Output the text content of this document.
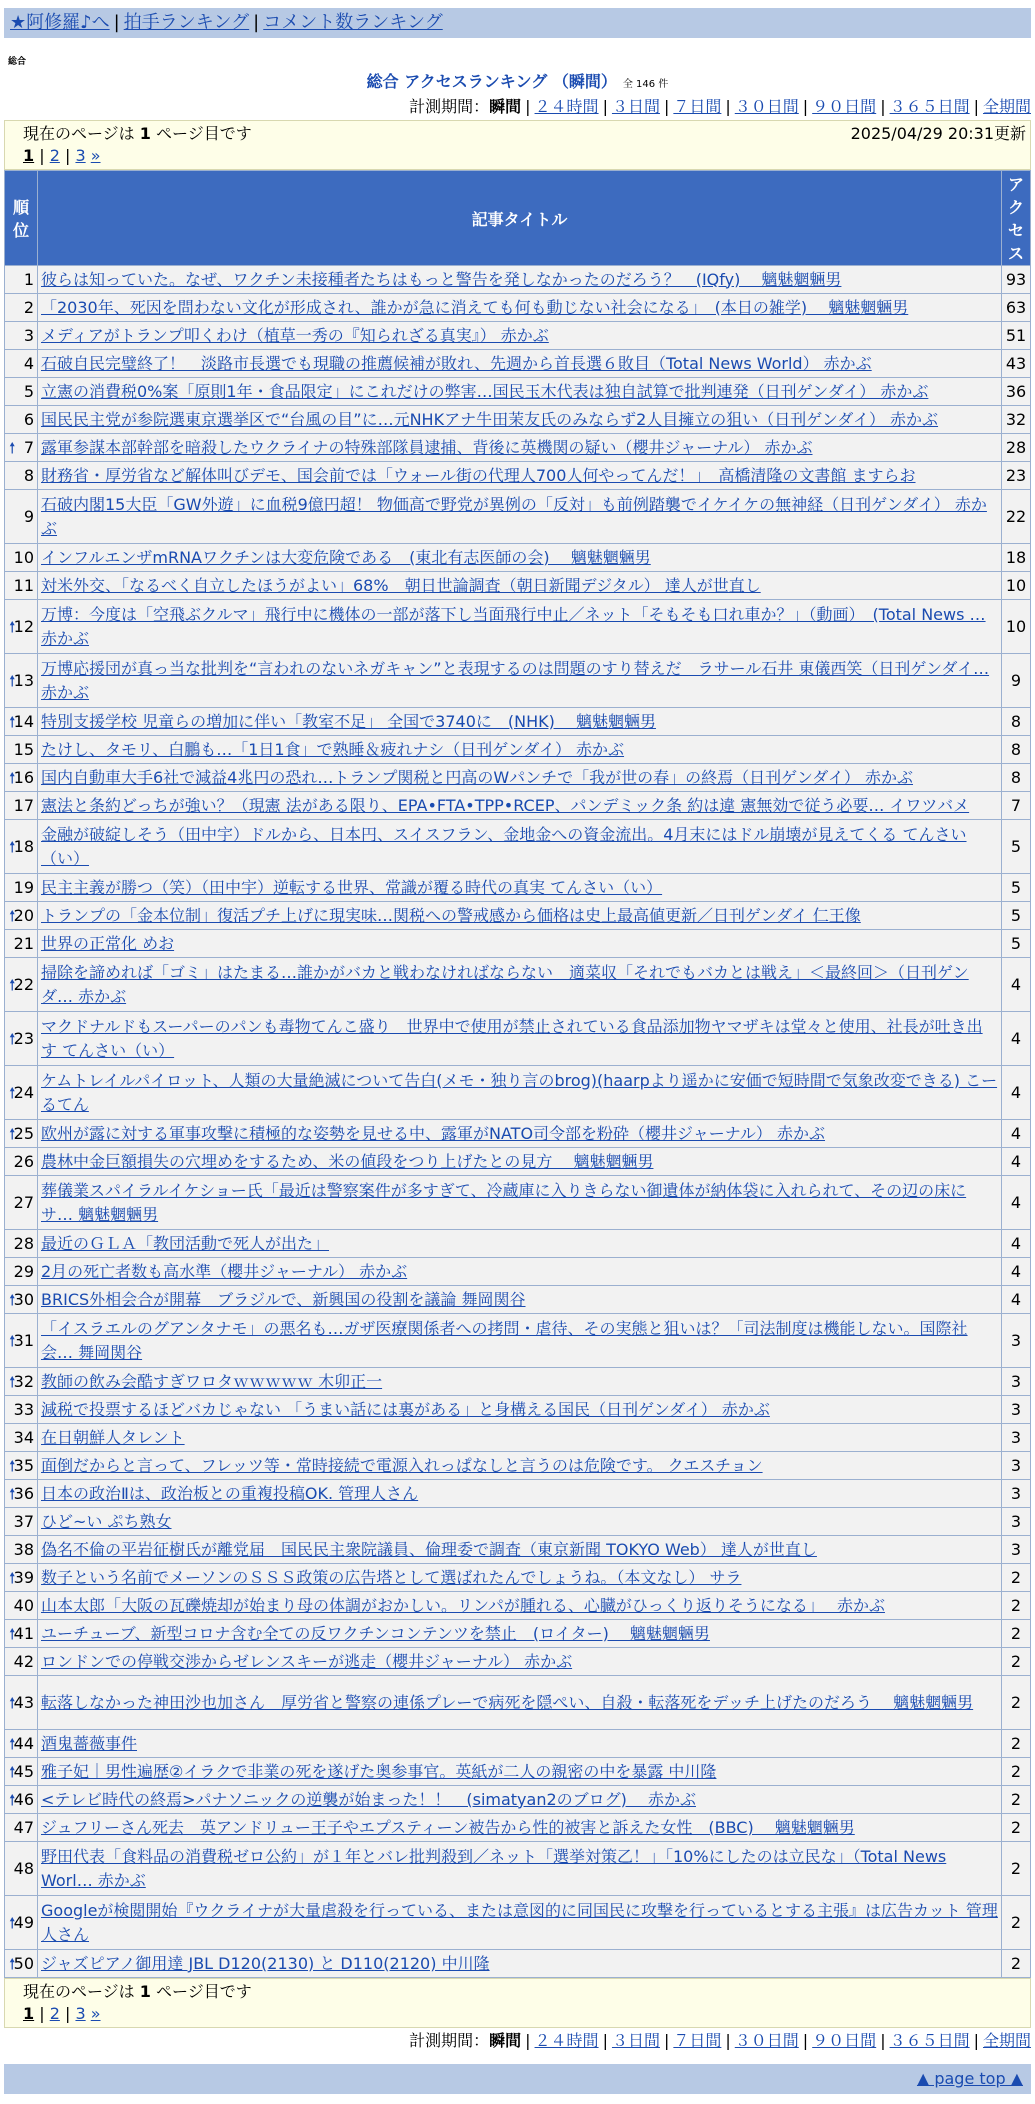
★阿修羅♪へ | 拍手ランキング | コメント数ランキング
総合
総合 アクセスランキング （瞬間） 全 146 件
計測期間：瞬間 | ２４時間 | ３日間 | ７日間 | ３０日間 | ９０日間 | ３６５日間 | 全期間
現在のページは 1 ページ目です	2025/04/29 20:31更新
1 | 2 | 3 »
順位	記事タイトル	アクセス
1	彼らは知っていた。なぜ、ワクチン未接種者たちはもっと警告を発しなかったのだろう？　(IQfy)　 魑魅魍魎男	93
2	「2030年、死因を問わない文化が形成され、誰かが急に消えても何も動じない社会になる」　(本日の雑学)　 魑魅魍魎男	63
3	メディアがトランプ叩くわけ（植草一秀の『知られざる真実』） 赤かぶ	51
4	石破自民完璧終了！　淡路市長選でも現職の推薦候補が敗れ、先週から首長選６敗目（Total News World） 赤かぶ	43
5	立憲の消費税0%案「原則1年・食品限定」にこれだけの弊害…国民玉木代表は独自試算で批判連発（日刊ゲンダイ） 赤かぶ	36
6	国民民主党が参院選東京選挙区で“台風の目”に…元NHKアナ牛田茉友氏のみならず2人目擁立の狙い（日刊ゲンダイ） 赤かぶ	32

🠕 7	露軍参謀本部幹部を暗殺したウクライナの特殊部隊員逮捕、背後に英機関の疑い（櫻井ジャーナル） 赤かぶ	28
8	財務省・厚労省など解体叫びデモ、国会前では「ウォール街の代理人700人何やってんだ！」　高橋清隆の文書館 ますらお	23
9	石破内閣15大臣「GW外遊」に血税9億円超！ 物価高で野党が異例の「反対」も前例踏襲でイケイケの無神経（日刊ゲンダイ） 赤かぶ	22
10	インフルエンザmRNAワクチンは大変危険である　(東北有志医師の会)　 魑魅魍魎男	18
11	対米外交、「なるべく自立したほうがよい」68%　朝日世論調査（朝日新聞デジタル） 達人が世直し	10

🠕
12	万博：今度は「空飛ぶクルマ」飛行中に機体の一部が落下し当面飛行中止／ネット「そもそも口れ車か？」（動画）　(Total News … 赤かぶ	10

🠕
13	万博応援団が真っ当な批判を“言われのないネガキャン”と表現するのは問題のすり替えだ　ラサール石井 東儀西笑（日刊ゲンダイ… 赤かぶ	9

🠕
14	特別支援学校 児童らの増加に伴い「教室不足」 全国で3740に　(NHK)　 魑魅魍魎男	8
15	たけし、タモリ、白鵬も…「1日1食」で熟睡＆疲れナシ（日刊ゲンダイ） 赤かぶ	8

🠕
16	国内自動車大手6社で減益4兆円の恐れ…トランプ関税と円高のWパンチで「我が世の春」の終焉（日刊ゲンダイ） 赤かぶ	8
17	憲法と条約どっちが強い？（現憲 法がある限り、EPA•FTA•TPP•RCEP、パンデミック条 約は違 憲無効で従う必要… イワツバメ	7

🠕
18	金融が破綻しそう（田中宇）ドルから、日本円、スイスフラン、金地金への資金流出。4月末にはドル崩壊が見えてくる てんさい（い）	5
19	民主主義が勝つ（笑）（田中宇）逆転する世界、常識が覆る時代の真実 てんさい（い）	5

🠕
20	トランプの「金本位制」復活プチ上げに現実味…関税への警戒感から価格は史上最高値更新／日刊ゲンダイ 仁王像	5
21	世界の正常化 めお	5

🠕
22	掃除を諦めれば「ゴミ」はたまる…誰かがバカと戦わなければならない　適菜収「それでもバカとは戦え」＜最終回＞（日刊ゲンダ… 赤かぶ	4

🠕
23	マクドナルドもスーパーのパンも毒物てんこ盛り　世界中で使用が禁止されている食品添加物ヤマザキは堂々と使用、社長が吐き出す てんさい（い）	4

🠕
24	ケムトレイルパイロット、人類の大量絶滅について告白(メモ・独り言のbrog)(haarpより遥かに安価で短時間で気象改変できる) こーるてん	4

🠕
25	欧州が露に対する軍事攻撃に積極的な姿勢を見せる中、露軍がNATO司令部を粉砕（櫻井ジャーナル） 赤かぶ	4
26	農林中金巨額損失の穴埋めをするため、米の値段をつり上げたとの見方　 魑魅魍魎男	4
27	葬儀業スパイラルイケショー氏「最近は警察案件が多すぎて、冷蔵庫に入りきらない御遺体が納体袋に入れられて、その辺の床にサ… 魑魅魍魎男	4
28	最近のＧＬＡ「教団活動で死人が出た」	4
29	2月の死亡者数も高水準（櫻井ジャーナル） 赤かぶ	4

🠕
30	BRICS外相会合が開幕　ブラジルで、新興国の役割を議論 舞岡関谷	4

🠕
31	「イスラエルのグアンタナモ」の悪名も…ガザ医療関係者への拷問・虐待、その実態と狙いは？「司法制度は機能しない。国際社会… 舞岡関谷	3

🠕
32	教師の飲み会酷すぎワロタｗｗｗｗｗ 木卯正一	3
33	減税で投票するほどバカじゃない 「うまい話には裏がある」と身構える国民（日刊ゲンダイ） 赤かぶ	3
34	在日朝鮮人タレント	3

🠕
35	面倒だからと言って、フレッツ等・常時接続で電源入れっぱなしと言うのは危険です。 クエスチョン	3

🠕
36	日本の政治Ⅱは、政治板との重複投稿OK. 管理人さん	3
37	ひど~い ぷち熟女	3
38	偽名不倫の平岩征樹氏が離党届　国民民主衆院議員、倫理委で調査（東京新聞 TOKYO Web） 達人が世直し	3

🠕
39	数子という名前でメーソンのＳＳＳ政策の広告塔として選ばれたんでしょうね。（本文なし） サラ	2
40	山本太郎「大阪の瓦礫焼却が始まり母の体調がおかしい。リンパが腫れる、心臓がひっくり返りそうになる」　 赤かぶ	2

🠕
41	ユーチューブ、新型コロナ含む全ての反ワクチンコンテンツを禁止　(ロイター)　 魑魅魍魎男	2
42	ロンドンでの停戦交渉からゼレンスキーが逃走（櫻井ジャーナル） 赤かぶ	2

🠕
43	転落しなかった神田沙也加さん　厚労省と警察の連係プレーで病死を隠ぺい、自殺・転落死をデッチ上げたのだろう　 魑魅魍魎男	2

🠕
44	酒鬼薔薇事件	2

🠕
45	雅子妃｜男性遍歴②イラクで非業の死を遂げた奥参事官。英紙が二人の親密の中を暴露 中川隆	2

🠕
46	<テレビ時代の終焉>パナソニックの逆襲が始まった！！　(simatyan2のブログ)　 赤かぶ	2
47	ジュフリーさん死去　英アンドリュー王子やエプスティーン被告から性的被害と訴えた女性　(BBC)　 魑魅魍魎男	2
48	野田代表「食料品の消費税ゼロ公約」が１年とバレ批判殺到／ネット「選挙対策乙！」「10%にしたのは立民な」（Total News Worl… 赤かぶ	2

🠕
49	Googleが検閲開始『ウクライナが大量虐殺を行っている、または意図的に同国民に攻撃を行っているとする主張』は広告カット 管理人さん	2

🠕
50	ジャズピアノ御用達 JBL D120(2130) と D110(2120) 中川隆	2
現在のページは 1 ページ目です
1 | 2 | 3 »
計測期間：瞬間 | ２４時間 | ３日間 | ７日間 | ３０日間 | ９０日間 | ３６５日間 | 全期間
▲ page top ▲
